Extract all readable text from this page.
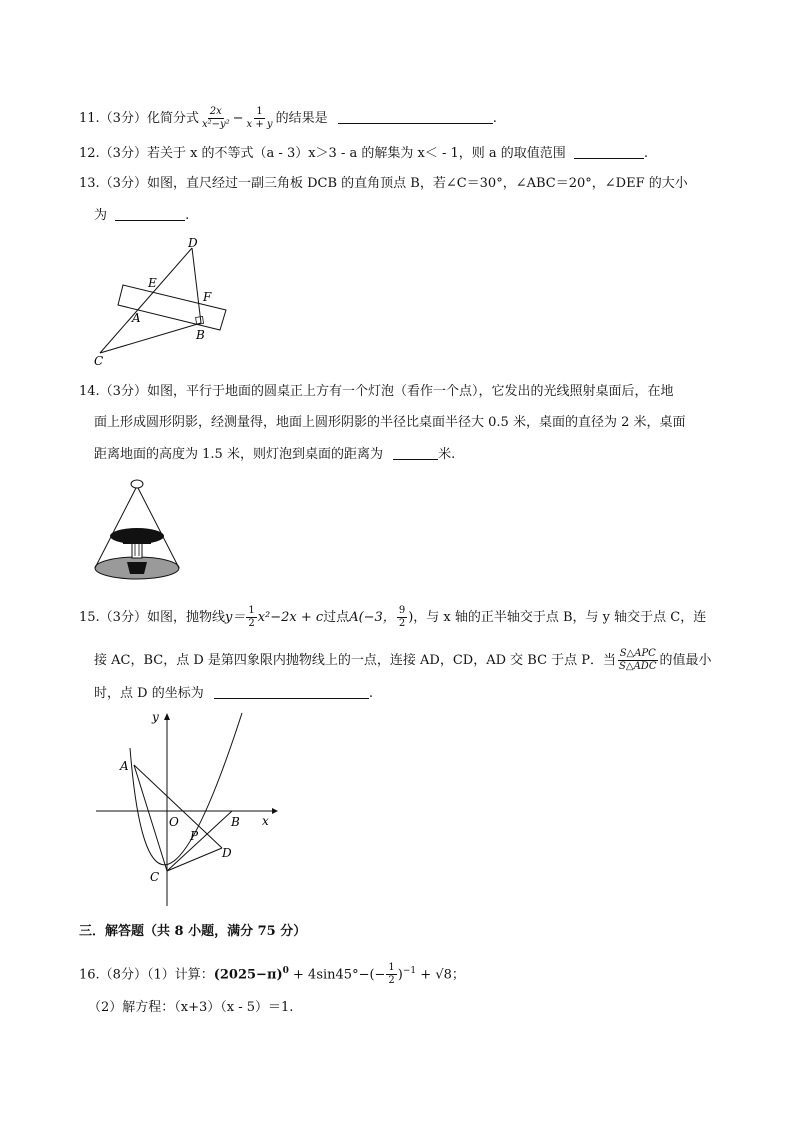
11.（3分）化简分式 $\frac{2x}{\text{x²−y²}} - \frac{1}{x + y}$ 的结果是	.
12.（3分）若关于 x 的不等式（a - 3）x＞3 - a 的解集为 x＜ - 1，则 a 的取值范围	.
13.（3分）如图，直尺经过一副三角板 DCB 的直角顶点 B，若∠C＝30°，∠ABC＝20°，∠DEF 的大小
为	.
D
E
F
A
B
C
14.（3分）如图，平行于地面的圆桌正上方有一个灯泡（看作一个点），它发出的光线照射桌面后，在地
面上形成圆形阴影，经测量得，地面上圆形阴影的半径比桌面半径大 0.5 米，桌面的直径为 2 米，桌面
距离地面的高度为 1.5 米，则灯泡到桌面的距离为	米.
15.（3分）如图，抛物线$y= \frac{1}{2} x^2-2x + c$过点A(−3， $\frac{9}{2}$ )，与 x 轴的正半轴交于点 B，与 y 轴交于点 C，连
接 AC，BC，点 D 是第四象限内抛物线上的一点，连接 AD，CD，AD 交 BC 于点 P．当 $\frac{\text{S△APC}}{\text{S△ADC}}$ 的值最小
时，点 D 的坐标为	.
y
x
A
O	B
P
D
C
三．解答题（共 8 小题，满分 75 分）
16.（8分）（1）计算：$(2025-\pi)^0 + 4\sin 45^\circ-(- \frac{1}{2} )^{-1} + √8$；
（2）解方程：（x+3）（x - 5）＝1.
